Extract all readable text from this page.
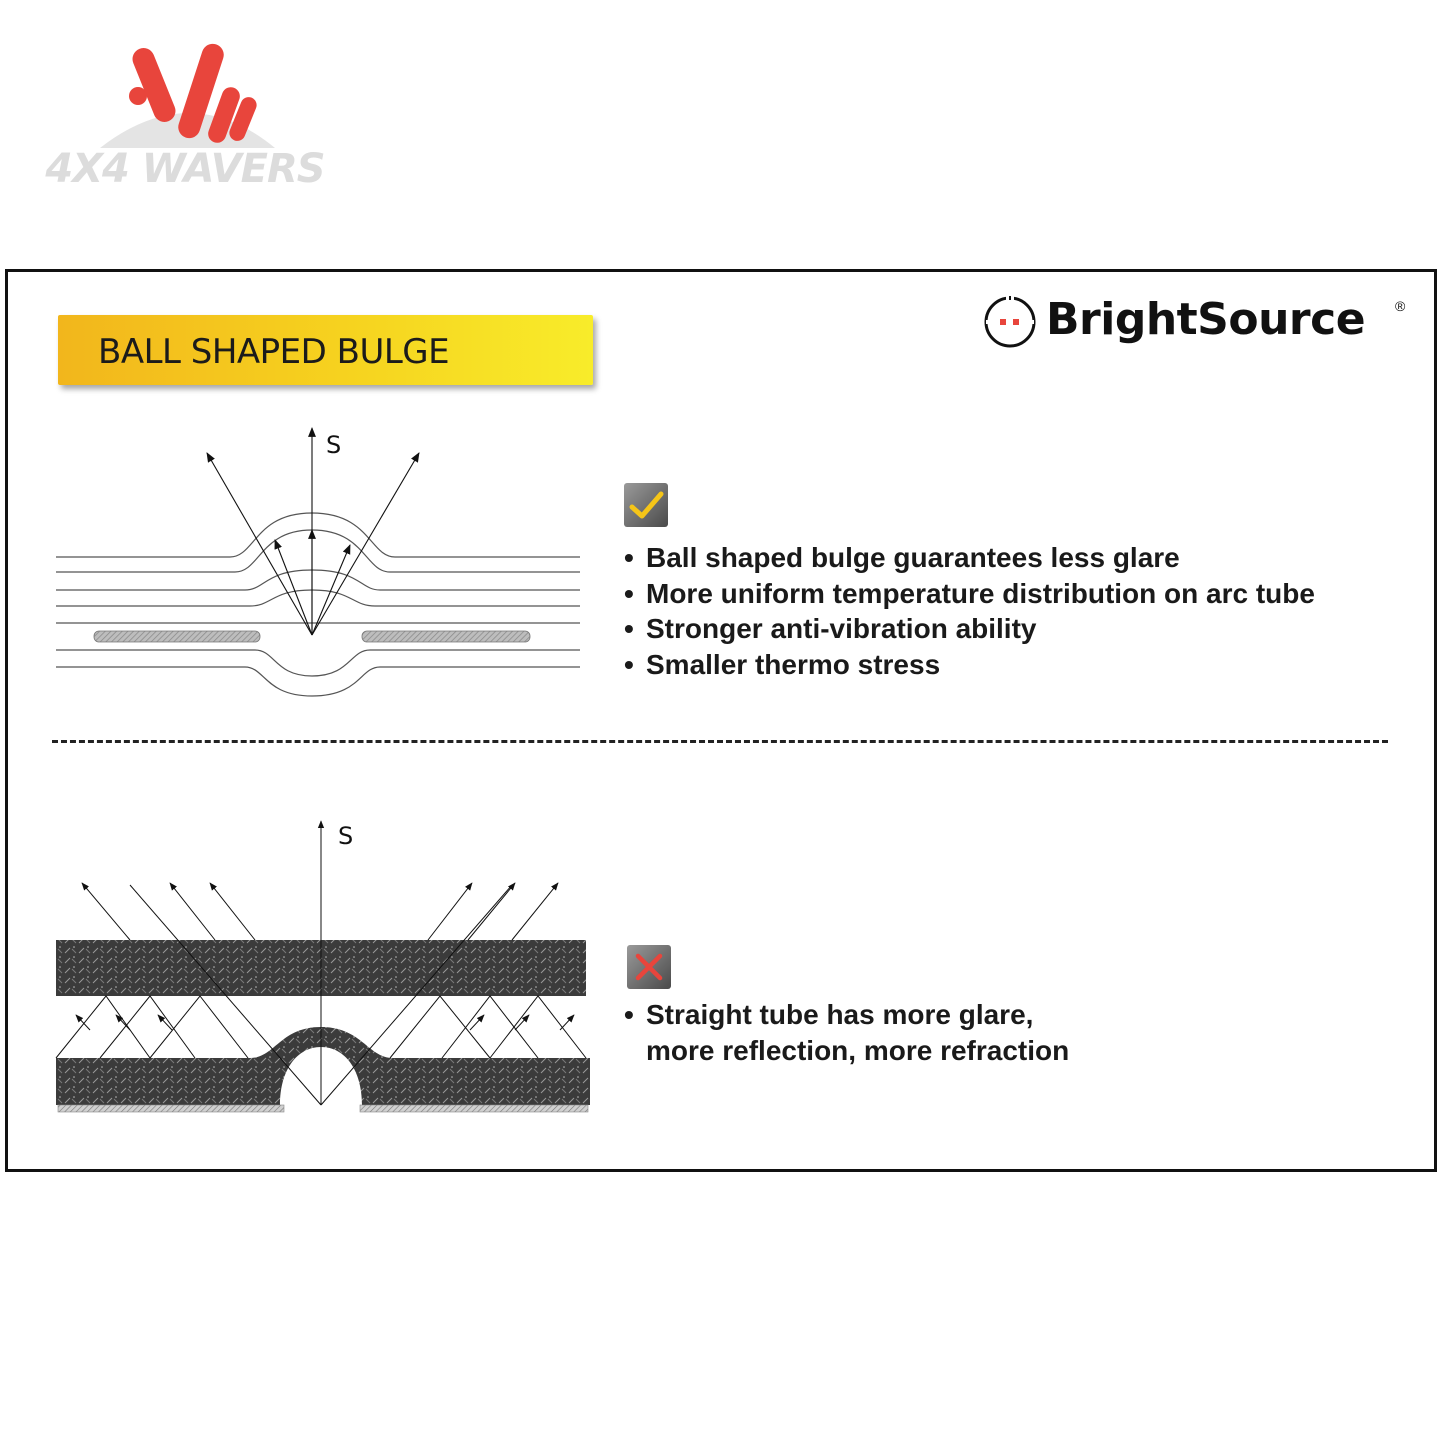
4X4 WAVERS
BALL SHAPED BULGE
BrightSource ®
S
S
• Ball shaped bulge guarantees less glare
• More uniform temperature distribution on arc tube
• Stronger anti-vibration ability
• Smaller thermo stress
• Straight tube has more glare,
more reflection, more refraction
